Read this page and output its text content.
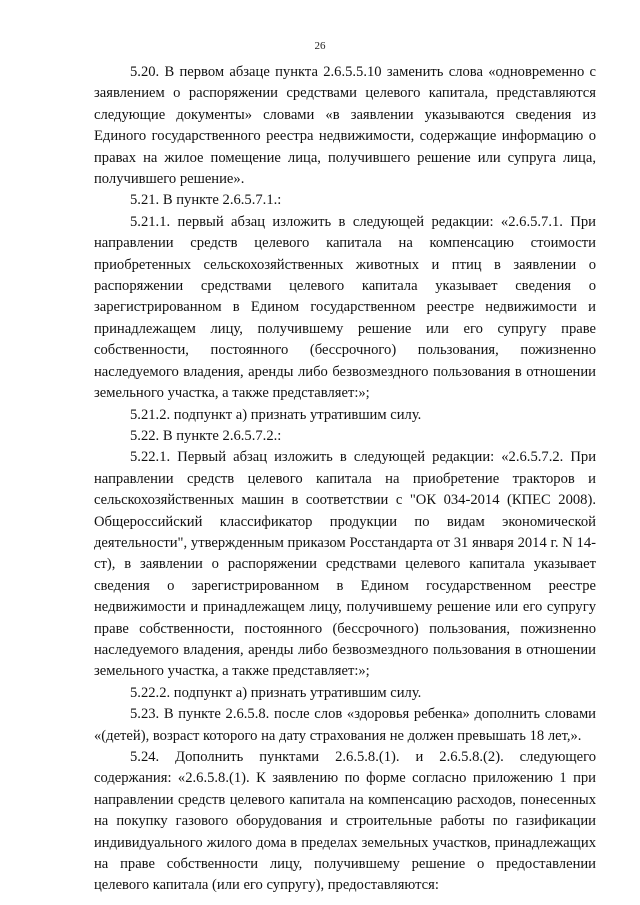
26

5.20. В первом абзаце пункта 2.6.5.5.10 заменить слова «одновременно с заявлением о распоряжении средствами целевого капитала, представляются следующие документы» словами «в заявлении указываются сведения из Единого государственного реестра недвижимости, содержащие информацию о правах на жилое помещение лица, получившего решение или супруга лица, получившего решение».

5.21. В пункте 2.6.5.7.1.:

5.21.1. первый абзац изложить в следующей редакции: «2.6.5.7.1. При направлении средств целевого капитала на компенсацию стоимости приобретенных сельскохозяйственных животных и птиц в заявлении о распоряжении средствами целевого капитала указывает сведения о зарегистрированном в Едином государственном реестре недвижимости и принадлежащем лицу, получившему решение или его супругу праве собственности, постоянного (бессрочного) пользования, пожизненно наследуемого владения, аренды либо безвозмездного пользования в отношении земельного участка, а также представляет:»;

5.21.2. подпункт а) признать утратившим силу.

5.22. В пункте 2.6.5.7.2.:

5.22.1. Первый абзац изложить в следующей редакции: «2.6.5.7.2. При направлении средств целевого капитала на приобретение тракторов и сельскохозяйственных машин в соответствии с "ОК 034-2014 (КПЕС 2008). Общероссийский классификатор продукции по видам экономической деятельности", утвержденным приказом Росстандарта от 31 января 2014 г. N 14-ст), в заявлении о распоряжении средствами целевого капитала указывает сведения о зарегистрированном в Едином государственном реестре недвижимости и принадлежащем лицу, получившему решение или его супругу праве собственности, постоянного (бессрочного) пользования, пожизненно наследуемого владения, аренды либо безвозмездного пользования в отношении земельного участка, а также представляет:»;

5.22.2. подпункт а) признать утратившим силу.

5.23. В пункте 2.6.5.8. после слов «здоровья ребенка» дополнить словами «(детей), возраст которого на дату страхования не должен превышать 18 лет,».

5.24. Дополнить пунктами 2.6.5.8.(1). и 2.6.5.8.(2). следующего содержания: «2.6.5.8.(1). К заявлению по форме согласно приложению 1 при направлении средств целевого капитала на компенсацию расходов, понесенных на покупку газового оборудования и строительные работы по газификации индивидуального жилого дома в пределах земельных участков, принадлежащих на праве собственности лицу, получившему решение о предоставлении целевого капитала (или его супругу), предоставляются:
